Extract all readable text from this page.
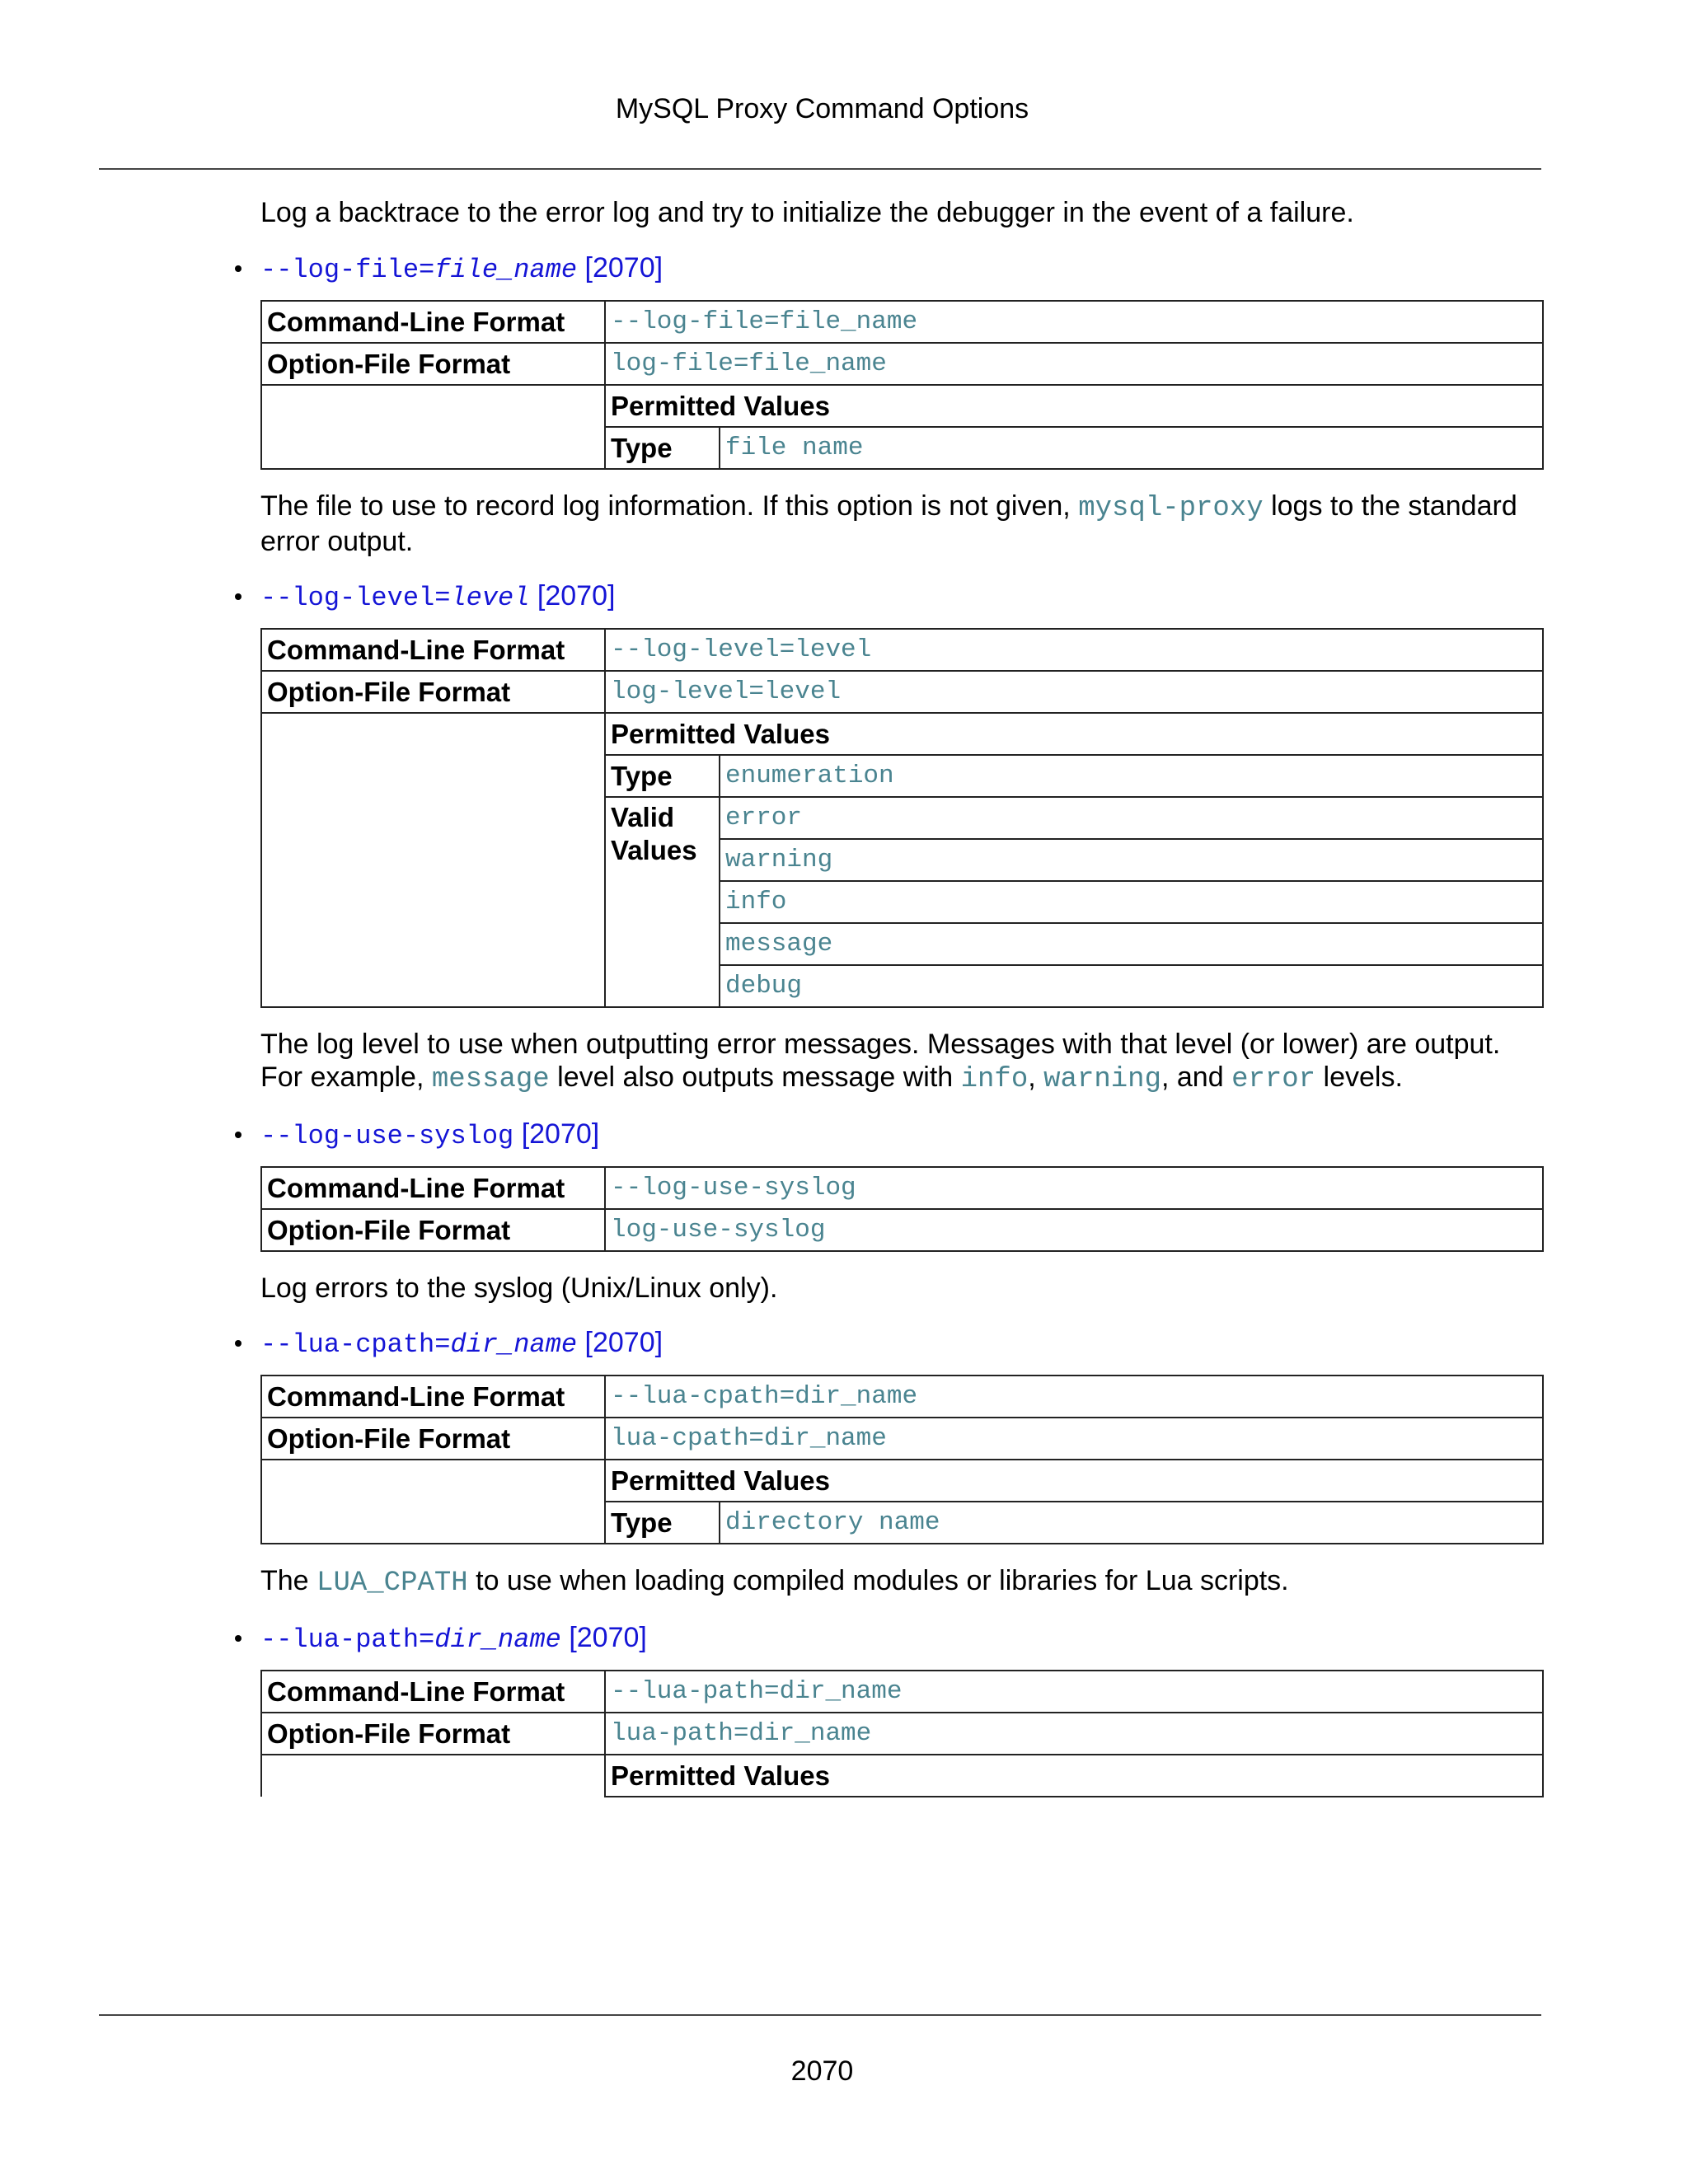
MySQL Proxy Command Options

Log a backtrace to the error log and try to initialize the debugger in the event of a failure.

--log-file=file_name [2070]
Command-Line Format	--log-file=file_name	
Option-File Format	log-file=file_name	
	Permitted Values	
	Type	file name

The file to use to record log information. If this option is not given, mysql-proxy logs to the standard error output.

--log-level=level [2070]
Command-Line Format	--log-level=level	
Option-File Format	log-level=level	
	Permitted Values	
	Type	enumeration
	Valid Values	error
		warning
		info
		message
		debug

The log level to use when outputting error messages. Messages with that level (or lower) are output. For example, message level also outputs message with info, warning, and error levels.

--log-use-syslog [2070]
Command-Line Format	--log-use-syslog
Option-File Format	log-use-syslog

Log errors to the syslog (Unix/Linux only).

--lua-cpath=dir_name [2070]
Command-Line Format	--lua-cpath=dir_name	
Option-File Format	lua-cpath=dir_name	
	Permitted Values	
	Type	directory name

The LUA_CPATH to use when loading compiled modules or libraries for Lua scripts.

--lua-path=dir_name [2070]
Command-Line Format	--lua-path=dir_name
Option-File Format	lua-path=dir_name
	Permitted Values
2070
